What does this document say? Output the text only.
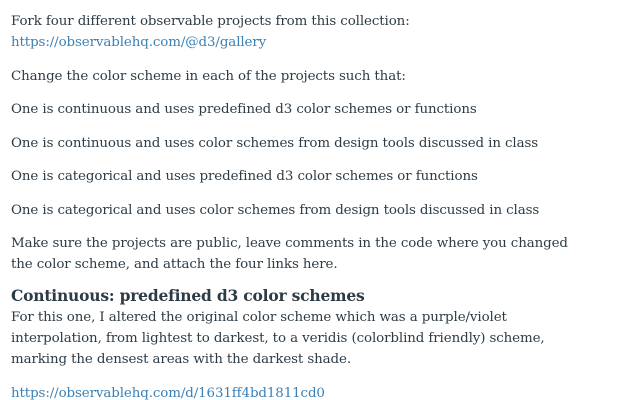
Fork four different observable projects from this collection:
https://observablehq.com/@d3/gallery

Change the color scheme in each of the projects such that:

One is continuous and uses predefined d3 color schemes or functions

One is continuous and uses color schemes from design tools discussed in class

One is categorical and uses predefined d3 color schemes or functions

One is categorical and uses color schemes from design tools discussed in class

Make sure the projects are public, leave comments in the code where you changed
the color scheme, and attach the four links here.

Continuous: predefined d3 color schemes

For this one, I altered the original color scheme which was a purple/violet
interpolation, from lightest to darkest, to a veridis (colorblind friendly) scheme,
marking the densest areas with the darkest shade.

https://observablehq.com/d/1631ff4bd1811cd0
